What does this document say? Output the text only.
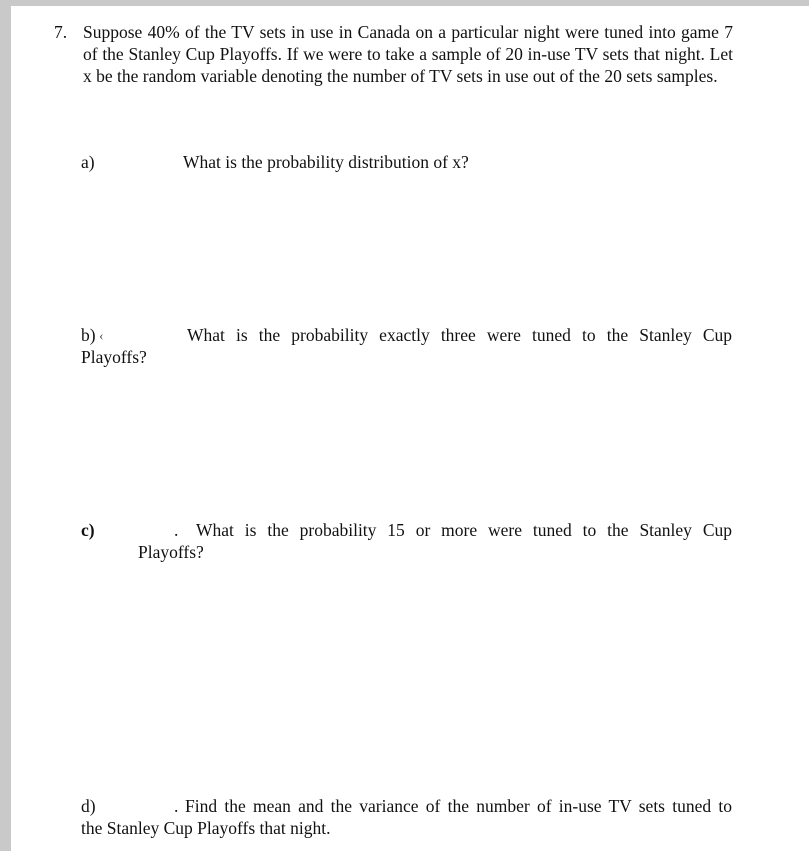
7. Suppose 40% of the TV sets in use in Canada on a particular night were tuned into game 7 of the Stanley Cup Playoffs. If we were to take a sample of 20 in-use TV sets that night. Let x be the random variable denoting the number of TV sets in use out of the 20 sets samples.
a)	What is the probability distribution of x?
b) ‹	What is the probability exactly three were tuned to the Stanley Cup
Playoffs?
c)	. What is the probability 15 or more were tuned to the Stanley Cup
Playoffs?
d)	. Find the mean and the variance of the number of in-use TV sets tuned to
the Stanley Cup Playoffs that night.
